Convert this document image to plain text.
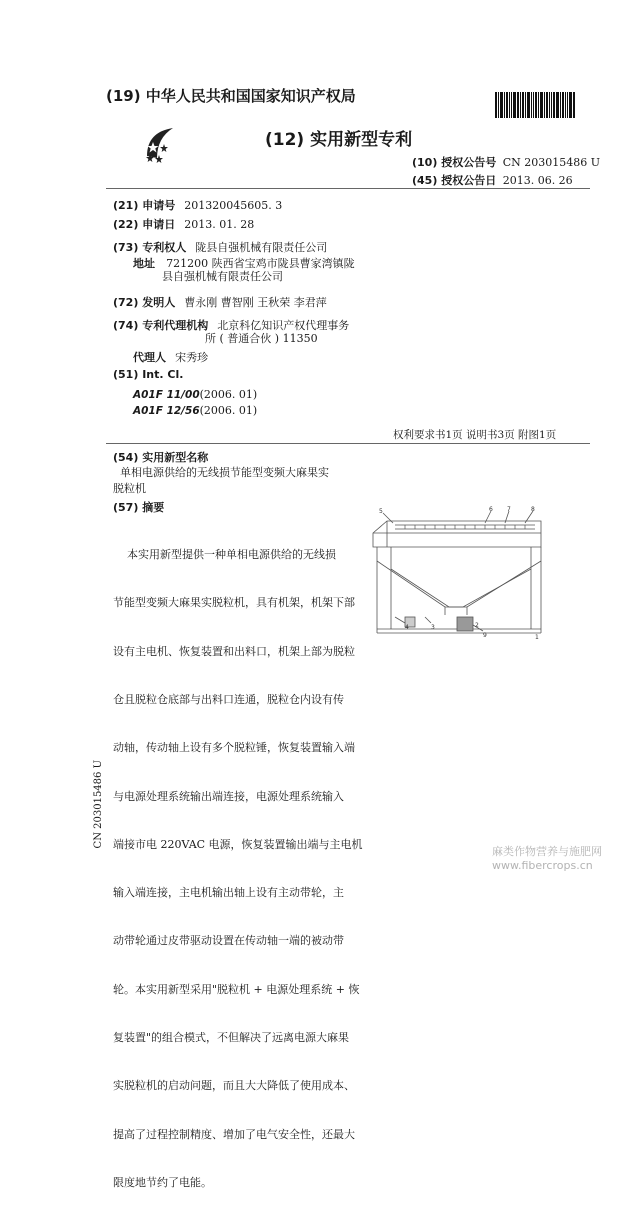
(19) 中华人民共和国国家知识产权局
(12) 实用新型专利
(10) 授权公告号 CN 203015486 U
(45) 授权公告日 2013. 06. 26
(21) 申请号 201320045605. 3
(22) 申请日 2013. 01. 28
(73) 专利权人 陇县自强机械有限责任公司
地址 721200 陕西省宝鸡市陇县曹家湾镇陇
县自强机械有限责任公司
(72) 发明人 曹永刚 曹智刚 王秋荣 李君萍
(74) 专利代理机构 北京科亿知识产权代理事务
所 ( 普通合伙 ) 11350
代理人 宋秀珍
(51) Int. Cl.
A01F 11/00(2006. 01)
A01F 12/56(2006. 01)
权利要求书1页 说明书3页 附图1页
(54) 实用新型名称
单相电源供给的无线损节能型变频大麻果实
脱粒机
(57) 摘要

本实用新型提供一种单相电源供给的无线损

节能型变频大麻果实脱粒机，具有机架，机架下部

设有主电机、恢复装置和出料口，机架上部为脱粒

仓且脱粒仓底部与出料口连通，脱粒仓内设有传

动轴，传动轴上设有多个脱粒锤，恢复装置输入端

与电源处理系统输出端连接，电源处理系统输入

端接市电 220VAC 电源，恢复装置输出端与主电机

输入端连接，主电机输出轴上设有主动带轮，主

动带轮通过皮带驱动设置在传动轴一端的被动带

轮。本实用新型采用"脱粒机 + 电源处理系统 + 恢

复装置"的组合模式，不但解决了远离电源大麻果

实脱粒机的启动问题，而且大大降低了使用成本、

提高了过程控制精度、增加了电气安全性，还最大

限度地节约了电能。

5	6 7	8
4	3	2
9	1
CN 203015486 U
麻类作物营养与施肥网
www.fibercrops.cn
